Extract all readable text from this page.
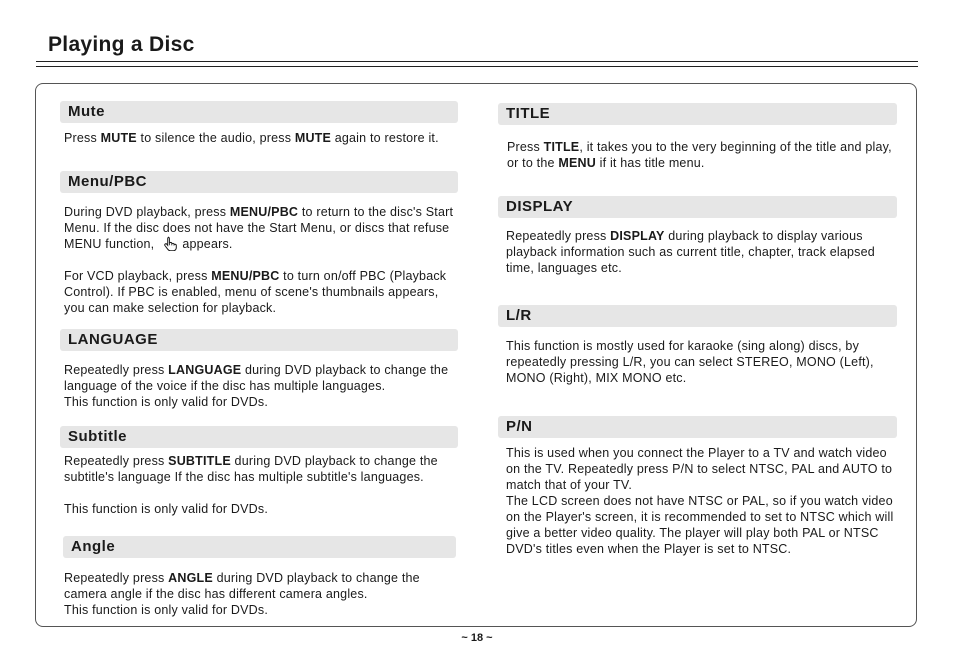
Playing a Disc
Mute

Press MUTE to silence the audio, press MUTE again to restore it.

Menu/PBC

During DVD playback, press MENU/PBC to return to the disc's Start Menu. If the disc does not have the Start Menu, or discs that refuse MENU function, appears.

For VCD playback, press MENU/PBC to turn on/off PBC (Playback Control). If PBC is enabled, menu of scene's thumbnails appears, you can make selection for playback.

LANGUAGE

Repeatedly press LANGUAGE during DVD playback to change the language of the voice if the disc has multiple languages.

This function is only valid for DVDs.

Subtitle

Repeatedly press SUBTITLE during DVD playback to change the subtitle's language If the disc has multiple subtitle's languages.

This function is only valid for DVDs.

Angle

Repeatedly press ANGLE during DVD playback to change the camera angle if the disc has different camera angles.

This function is only valid for DVDs.

TITLE

Press TITLE, it takes you to the very beginning of the title and play, or to the MENU if it has title menu.

DISPLAY

Repeatedly press DISPLAY during playback to display various playback information such as current title, chapter, track elapsed time, languages etc.

L/R

This function is mostly used for karaoke (sing along) discs, by repeatedly pressing L/R, you can select STEREO, MONO (Left), MONO (Right), MIX MONO etc.

P/N

This is used when you connect the Player to a TV and watch video on the TV. Repeatedly press P/N to select NTSC, PAL and AUTO to match that of your TV.

The LCD screen does not have NTSC or PAL, so if you watch video on the Player's screen, it is recommended to set to NTSC which will give a better video quality. The player will play both PAL or NTSC DVD's titles even when the Player is set to NTSC.

~ 18 ~
